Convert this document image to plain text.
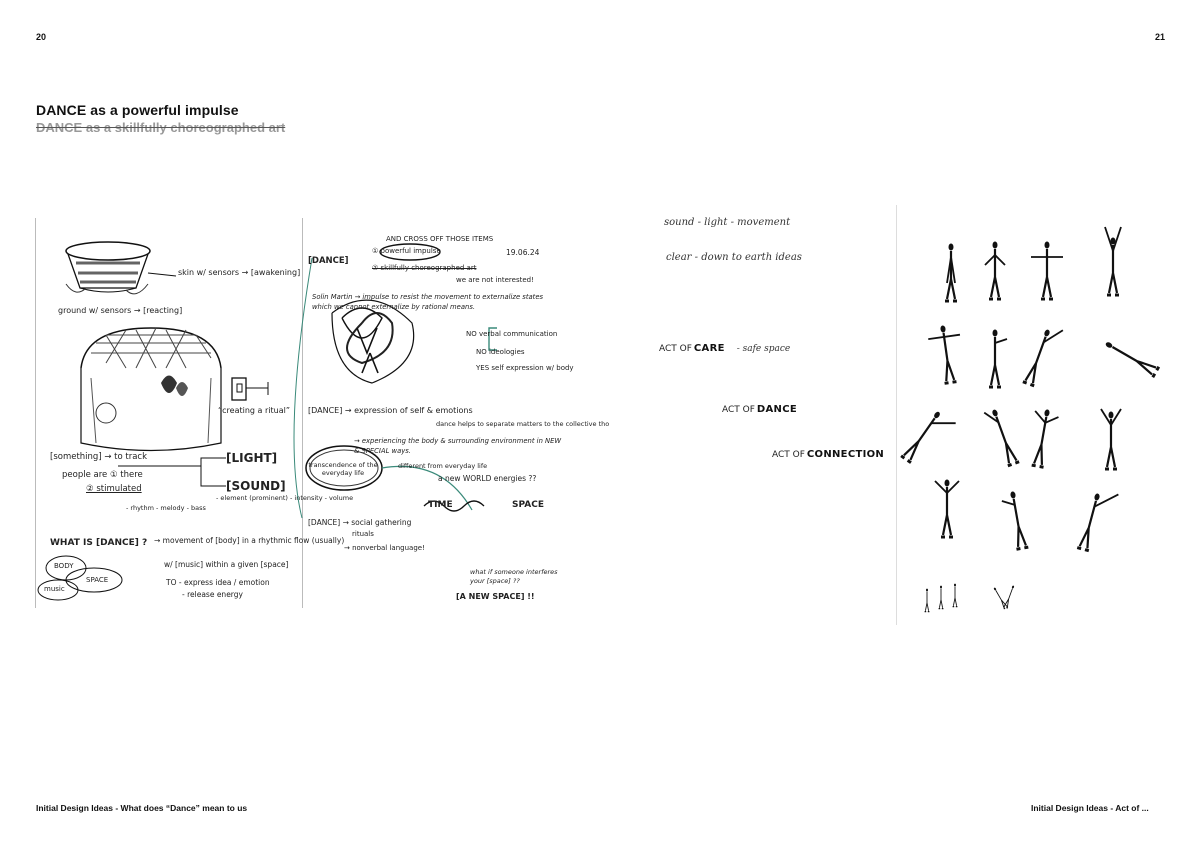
20	21
DANCE as a powerful impulse
DANCE as a skillfully choreographed art
skin w/ sensors → [awakening]
ground w/ sensors → [reacting]
“creating a ritual”
[something] → to track
people are ① there
② stimulated
[LIGHT]
[SOUND]
- rhythm - melody - bass
- element (prominent) - intensity - volume
WHAT IS [DANCE] ? → movement of [body] in a rhythmic flow (usually)
w/ [music] within a given [space]
TO - express idea / emotion
- release energy
BODY
music
SPACE
AND CROSS OFF THOSE ITEMS
19.06.24
[DANCE]
① powerful impulse
② skillfully choreographed art
we are not interested!
Solin Martin → impulse to resist the movement to externalize states which we cannot externalize by rational means.
NO verbal communication
NO ideologies
YES self expression w/ body
[DANCE] → expression of self & emotions
dance helps to separate matters to the collective tho
→ experiencing the body & surrounding environment in NEW & SPECIAL ways.
different from everyday life
a new WORLD energies ??
transcendence of the everyday life
TIME	SPACE
[DANCE] → social gathering
rituals
→ nonverbal language!
what if someone interferes your [space] ??
[A NEW SPACE] !!
sound - light - movement
clear - down to earth ideas
ACT OF CARE - safe space
ACT OF DANCE
ACT OF CONNECTION
Initial Design Ideas - What does “Dance” mean to us	Initial Design Ideas - Act of ...
